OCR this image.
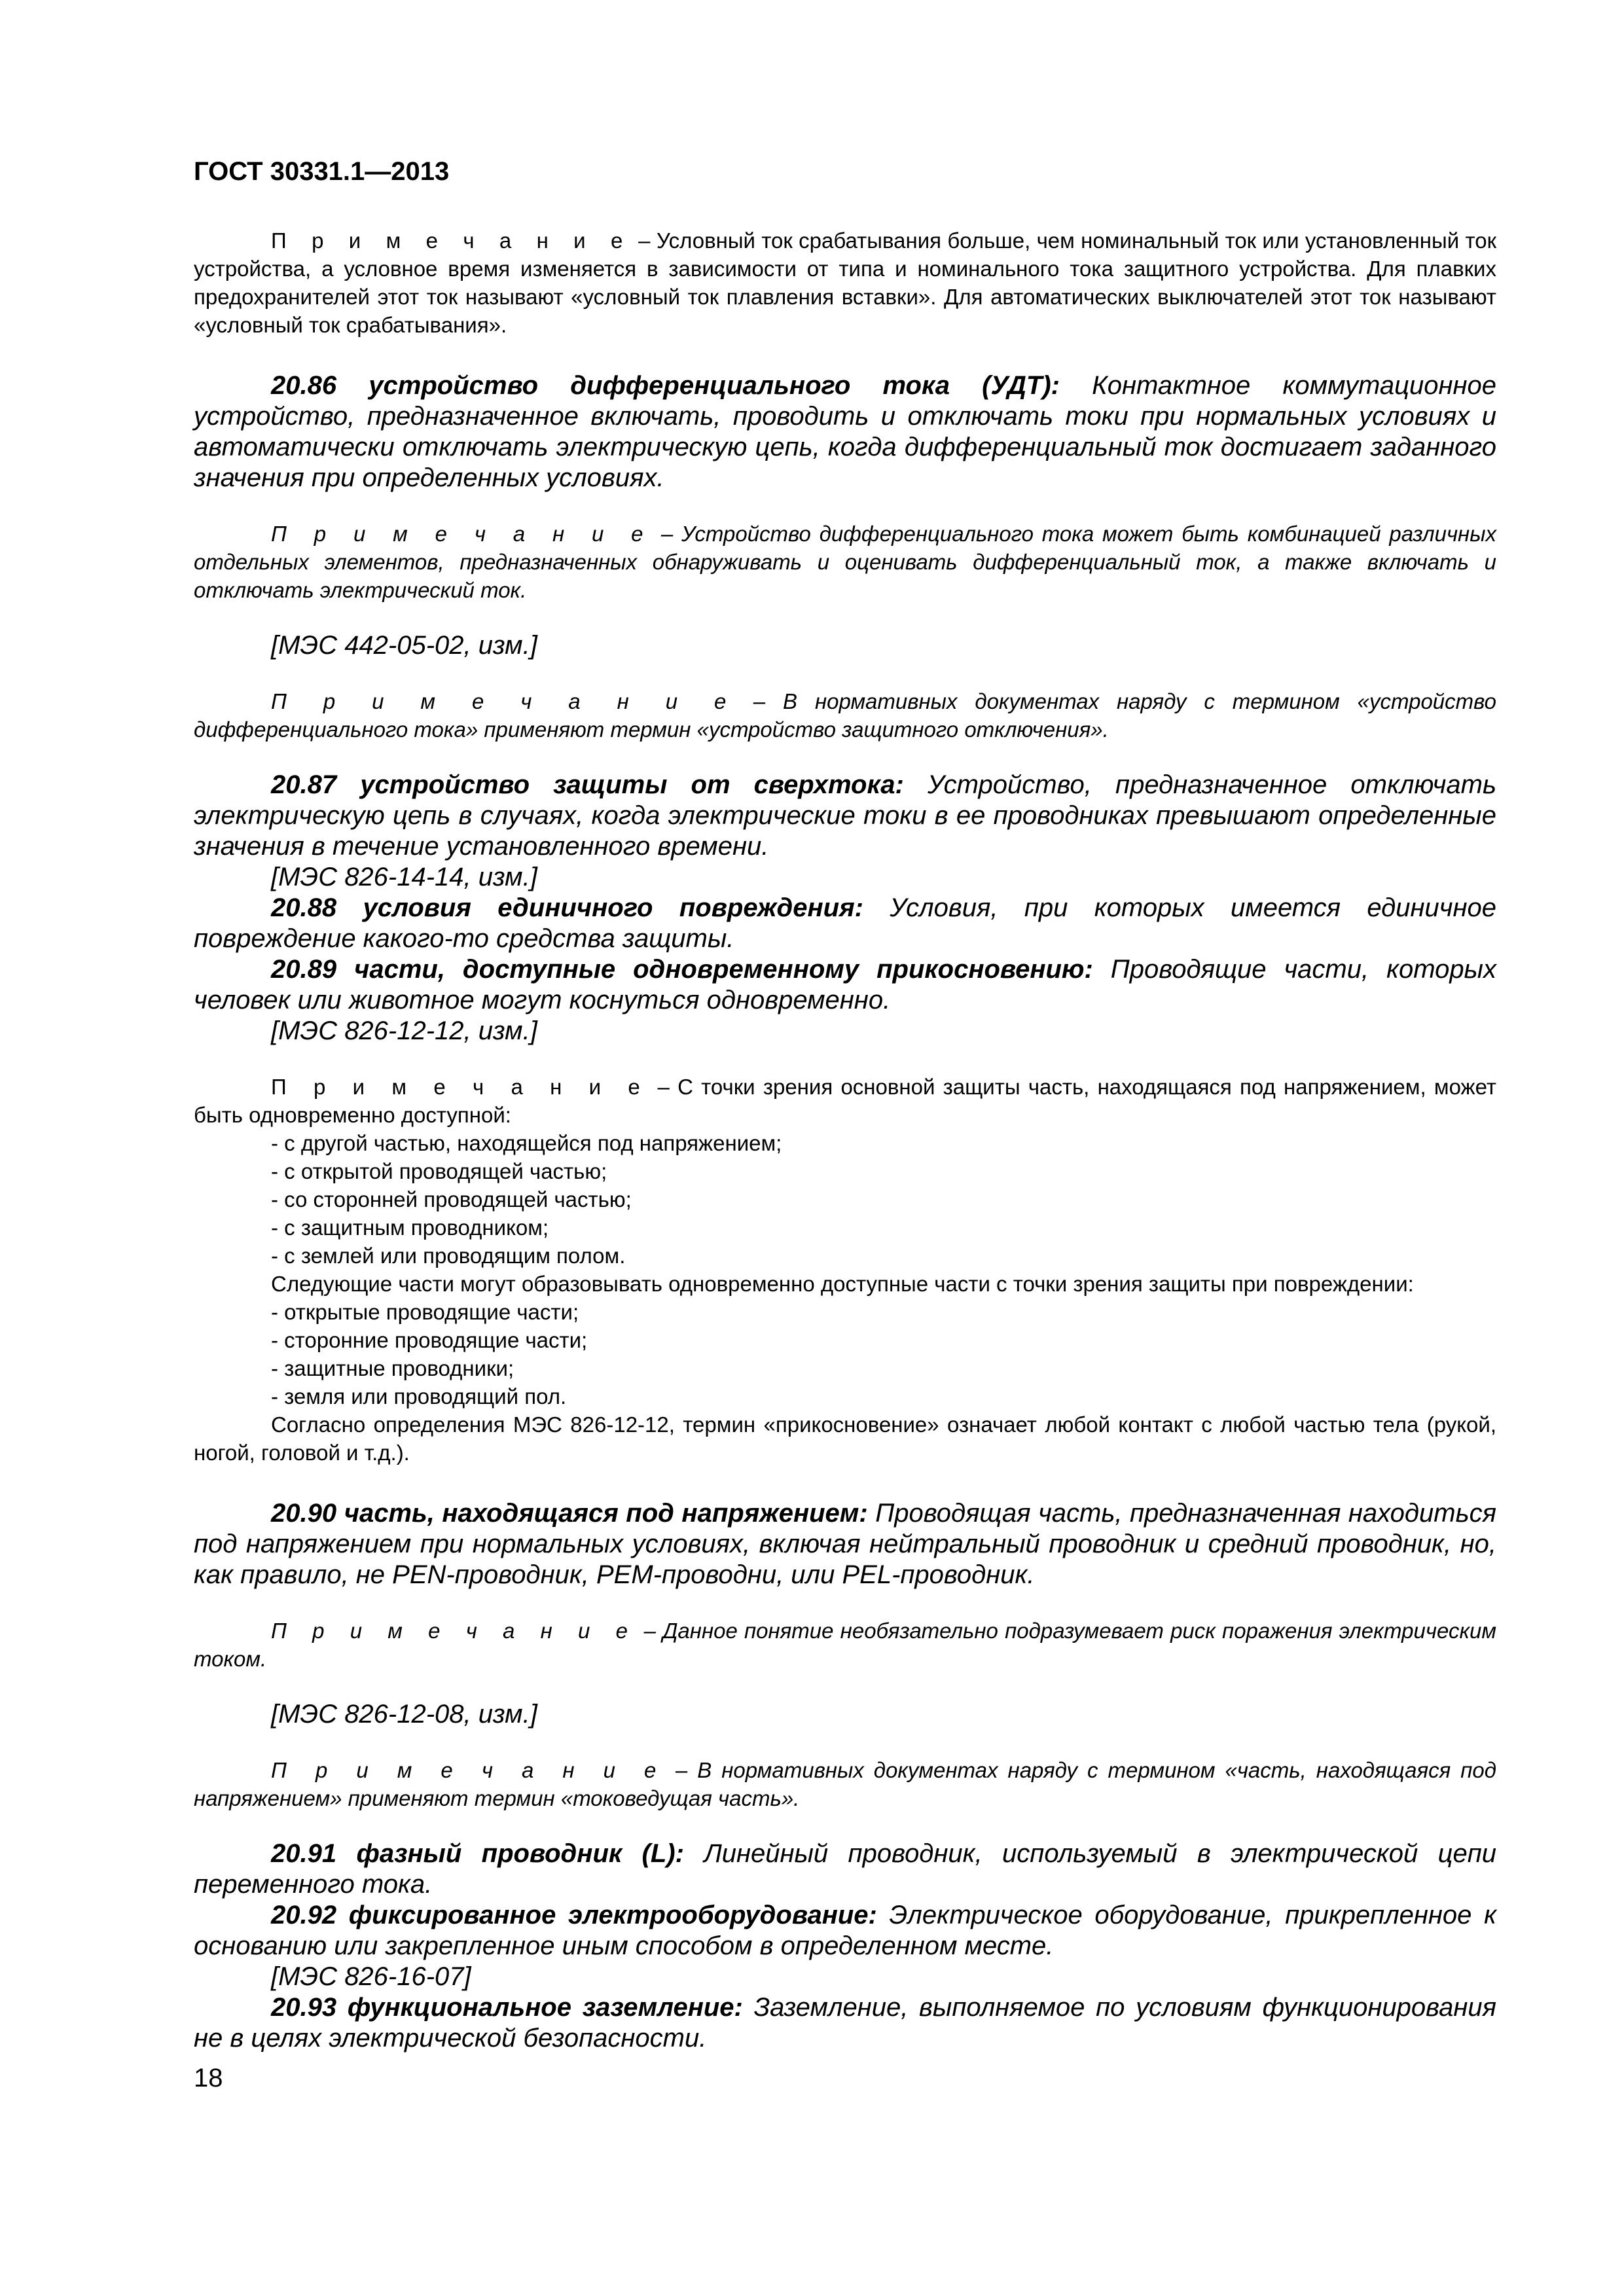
ГОСТ 30331.1—2013

П р и м е ч а н и е – Условный ток срабатывания больше, чем номинальный ток или установленный ток устройства, а условное время изменяется в зависимости от типа и номинального тока защитного устройства. Для плавких предохранителей этот ток называют «условный ток плавления вставки». Для автоматических выключателей этот ток называют «условный ток срабатывания».

20.86 устройство дифференциального тока (УДТ): Контактное коммутационное устройство, предназначенное включать, проводить и отключать токи при нормальных условиях и автоматически отключать электрическую цепь, когда дифференциальный ток достигает заданного значения при определенных условиях.

П р и м е ч а н и е – Устройство дифференциального тока может быть комбинацией различных отдельных элементов, предназначенных обнаруживать и оценивать дифференциальный ток, а также включать и отключать электрический ток.

[МЭС 442-05-02, изм.]

П р и м е ч а н и е – В нормативных документах наряду с термином «устройство дифференциального тока» применяют термин «устройство защитного отключения».

20.87 устройство защиты от сверхтока: Устройство, предназначенное отключать электрическую цепь в случаях, когда электрические токи в ее проводниках превышают определенные значения в течение установленного времени.

[МЭС 826-14-14, изм.]

20.88 условия единичного повреждения: Условия, при которых имеется единичное повреждение какого-то средства защиты.

20.89 части, доступные одновременному прикосновению: Проводящие части, которых человек или животное могут коснуться одновременно.

[МЭС 826-12-12, изм.]

П р и м е ч а н и е – С точки зрения основной защиты часть, находящаяся под напряжением, может быть одновременно доступной:

- с другой частью, находящейся под напряжением;

- с открытой проводящей частью;

- со сторонней проводящей частью;

- с защитным проводником;

- с землей или проводящим полом.

Следующие части могут образовывать одновременно доступные части с точки зрения защиты при повреждении:

- открытые проводящие части;

- сторонние проводящие части;

- защитные проводники;

- земля или проводящий пол.

Согласно определения МЭС 826-12-12, термин «прикосновение» означает любой контакт с любой частью тела (рукой, ногой, головой и т.д.).

20.90 часть, находящаяся под напряжением: Проводящая часть, предназначенная находиться под напряжением при нормальных условиях, включая нейтральный проводник и средний проводник, но, как правило, не PEN-проводник, PEM-проводни, или PEL-проводник.

П р и м е ч а н и е – Данное понятие необязательно подразумевает риск поражения электрическим током.

[МЭС 826-12-08, изм.]

П р и м е ч а н и е – В нормативных документах наряду с термином «часть, находящаяся под напряжением» применяют термин «токоведущая часть».

20.91 фазный проводник (L): Линейный проводник, используемый в электрической цепи переменного тока.

20.92 фиксированное электрооборудование: Электрическое оборудование, прикрепленное к основанию или закрепленное иным способом в определенном месте.

[МЭС 826-16-07]

20.93 функциональное заземление: Заземление, выполняемое по условиям функционирования не в целях электрической безопасности.

18
